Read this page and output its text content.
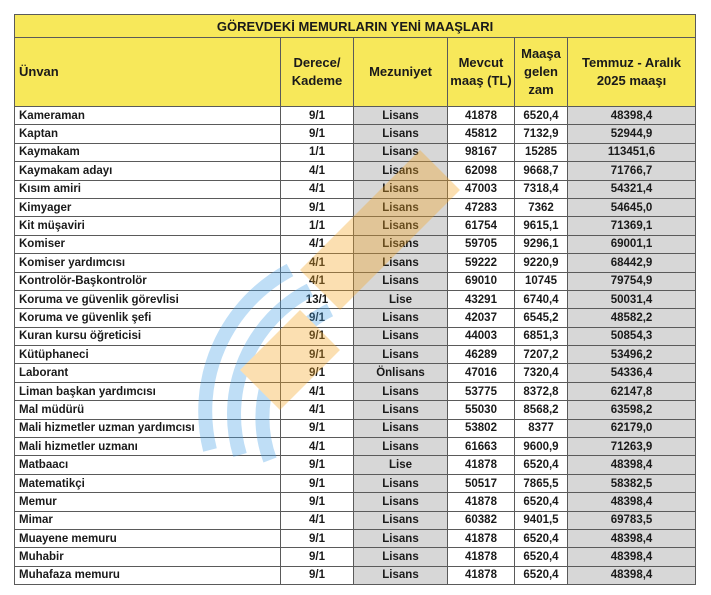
GÖREVDEKİ MEMURLARIN YENİ MAAŞLARI					
Ünvan	Derece/ Kademe	Mezuniyet	Mevcut maaş (TL)	Maaşa gelen zam	Temmuz - Aralık 2025 maaşı
Kameraman	9/1	Lisans	41878	6520,4	48398,4
Kaptan	9/1	Lisans	45812	7132,9	52944,9
Kaymakam	1/1	Lisans	98167	15285	113451,6
Kaymakam adayı	4/1	Lisans	62098	9668,7	71766,7
Kısım amiri	4/1	Lisans	47003	7318,4	54321,4
Kimyager	9/1	Lisans	47283	7362	54645,0
Kit müşaviri	1/1	Lisans	61754	9615,1	71369,1
Komiser	4/1	Lisans	59705	9296,1	69001,1
Komiser yardımcısı	4/1	Lisans	59222	9220,9	68442,9
Kontrolör-Başkontrolör	4/1	Lisans	69010	10745	79754,9
Koruma ve güvenlik görevlisi	13/1	Lise	43291	6740,4	50031,4
Koruma ve güvenlik şefi	9/1	Lisans	42037	6545,2	48582,2
Kuran kursu öğreticisi	9/1	Lisans	44003	6851,3	50854,3
Kütüphaneci	9/1	Lisans	46289	7207,2	53496,2
Laborant	9/1	Önlisans	47016	7320,4	54336,4
Liman başkan yardımcısı	4/1	Lisans	53775	8372,8	62147,8
Mal müdürü	4/1	Lisans	55030	8568,2	63598,2
Mali hizmetler uzman yardımcısı	9/1	Lisans	53802	8377	62179,0
Mali hizmetler uzmanı	4/1	Lisans	61663	9600,9	71263,9
Matbaacı	9/1	Lise	41878	6520,4	48398,4
Matematikçi	9/1	Lisans	50517	7865,5	58382,5
Memur	9/1	Lisans	41878	6520,4	48398,4
Mimar	4/1	Lisans	60382	9401,5	69783,5
Muayene memuru	9/1	Lisans	41878	6520,4	48398,4
Muhabir	9/1	Lisans	41878	6520,4	48398,4
Muhafaza memuru	9/1	Lisans	41878	6520,4	48398,4
